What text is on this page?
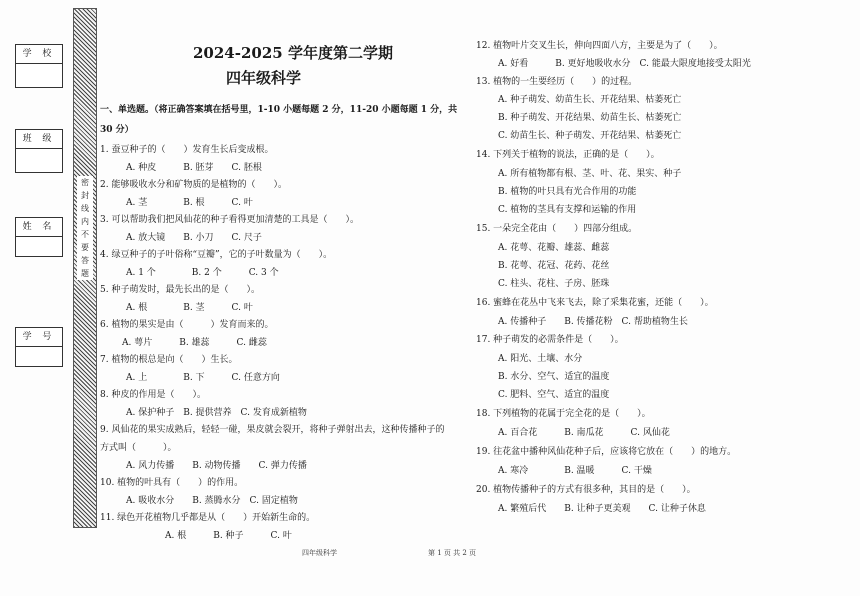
学 校
班 级
姓 名
学 号
密
封
线
内
不
要
答
题
2024-2025 学年度第二学期
四年级科学
一、单选题。（将正确答案填在括号里，1-10 小题每题 2 分，11-20 小题每题 1 分，共
30 分）
1. 蚕豆种子的（　　）发育生长后变成根。
A. 种皮　　　B. 胚芽　　C. 胚根
2. 能够吸收水分和矿物质的是植物的（　　）。
A. 茎　　　　B. 根　　　C. 叶
3. 可以帮助我们把风仙花的种子看得更加清楚的工具是（　　）。
A. 放大镜　　B. 小刀　　C. 尺子
4. 绿豆种子的子叶俗称“豆瓣”，它的子叶数量为（　　）。
A. 1 个　　　　B. 2 个　　　C. 3 个
5. 种子萌发时，最先长出的是（　　）。
A. 根　　　　B. 茎　　　C. 叶
6. 植物的果实是由（　　　）发育而来的。
A. 萼片　　　B. 雄蕊　　　C. 雌蕊
7. 植物的根总是向（　　）生长。
A. 上　　　　B. 下　　　C. 任意方向
8. 种皮的作用是（　　）。
A. 保护种子　B. 提供营养　C. 发育成新植物
9. 风仙花的果实成熟后，轻轻一碰，果皮就会裂开，将种子弹射出去，这种传播种子的
方式叫（　　　）。
A. 风力传播　　B. 动物传播　　C. 弹力传播
10. 植物的叶具有（　　）的作用。
A. 吸收水分　　B. 蒸腾水分　C. 固定植物
11. 绿色开花植物几乎都是从（　　）开始新生命的。
A. 根　　　B. 种子　　　C. 叶
12. 植物叶片交叉生长，伸向四面八方，主要是为了（　　）。
A. 好看　　　B. 更好地吸收水分　C. 能最大限度地接受太阳光
13. 植物的一生要经历（　　）的过程。
A. 种子萌发、幼苗生长、开花结果、枯萎死亡
B. 种子萌发、开花结果、幼苗生长、枯萎死亡
C. 幼苗生长、种子萌发、开花结果、枯萎死亡
14. 下列关于植物的说法，正确的是（　　）。
A. 所有植物都有根、茎、叶、花、果实、种子
B. 植物的叶只具有光合作用的功能
C. 植物的茎具有支撑和运输的作用
15. 一朵完全花由（　　）四部分组成。
A. 花萼、花瓣、雄蕊、雌蕊
B. 花萼、花冠、花药、花丝
C. 柱头、花柱、子房、胚珠
16. 蜜蜂在花丛中飞来飞去，除了采集花蜜，还能（　　）。
A. 传播种子　　B. 传播花粉　C. 帮助植物生长
17. 种子萌发的必需条件是（　　）。
A. 阳光、土壤、水分
B. 水分、空气、适宜的温度
C. 肥料、空气、适宜的温度
18. 下列植物的花属于完全花的是（　　）。
A. 百合花　　　B. 南瓜花　　　C. 风仙花
19. 往花盆中播种风仙花种子后，应该将它放在（　　）的地方。
A. 寒冷　　　　B. 温暖　　　C. 干燥
20. 植物传播种子的方式有很多种，其目的是（　　）。
A. 繁殖后代　　B. 让种子更美观　　C. 让种子休息
四年级科学	第 1 页 共 2 页
